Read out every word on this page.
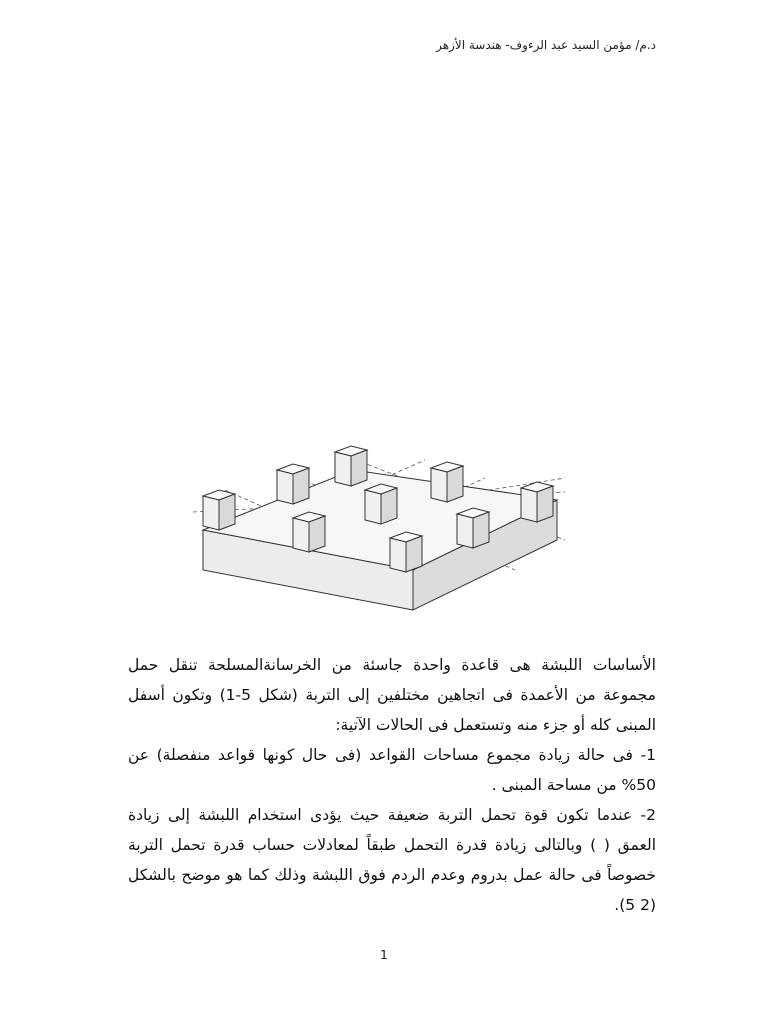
د.م/ مؤمن السيد عبد الرءوف- هندسة الأزهر

الأساسات اللبشة هى قاعدة واحدة جاسئة من الخرسانةالمسلحة تنقل حمل مجموعة من الأعمدة فى اتجاهين مختلفين إلى التربة (شكل 5-1) وتكون أسفل المبنى كله أو جزء منه وتستعمل فى الحالات الآتية:

1- فى حالة زيادة مجموع مساحات القواعد (فى حال كونها قواعد منفصلة) عن 50% من مساحة المبنى .

2- عندما تكون قوة تحمل التربة ضعيفة حيث يؤدى استخدام اللبشة إلى زيادة العمق ( ) وبالتالى زيادة قدرة التحمل طبقاً لمعادلات حساب قدرة تحمل التربة خصوصاً فى حالة عمل بدروم وعدم الردم فوق اللبشة وذلك كما هو موضح بالشكل (2 5).

1
